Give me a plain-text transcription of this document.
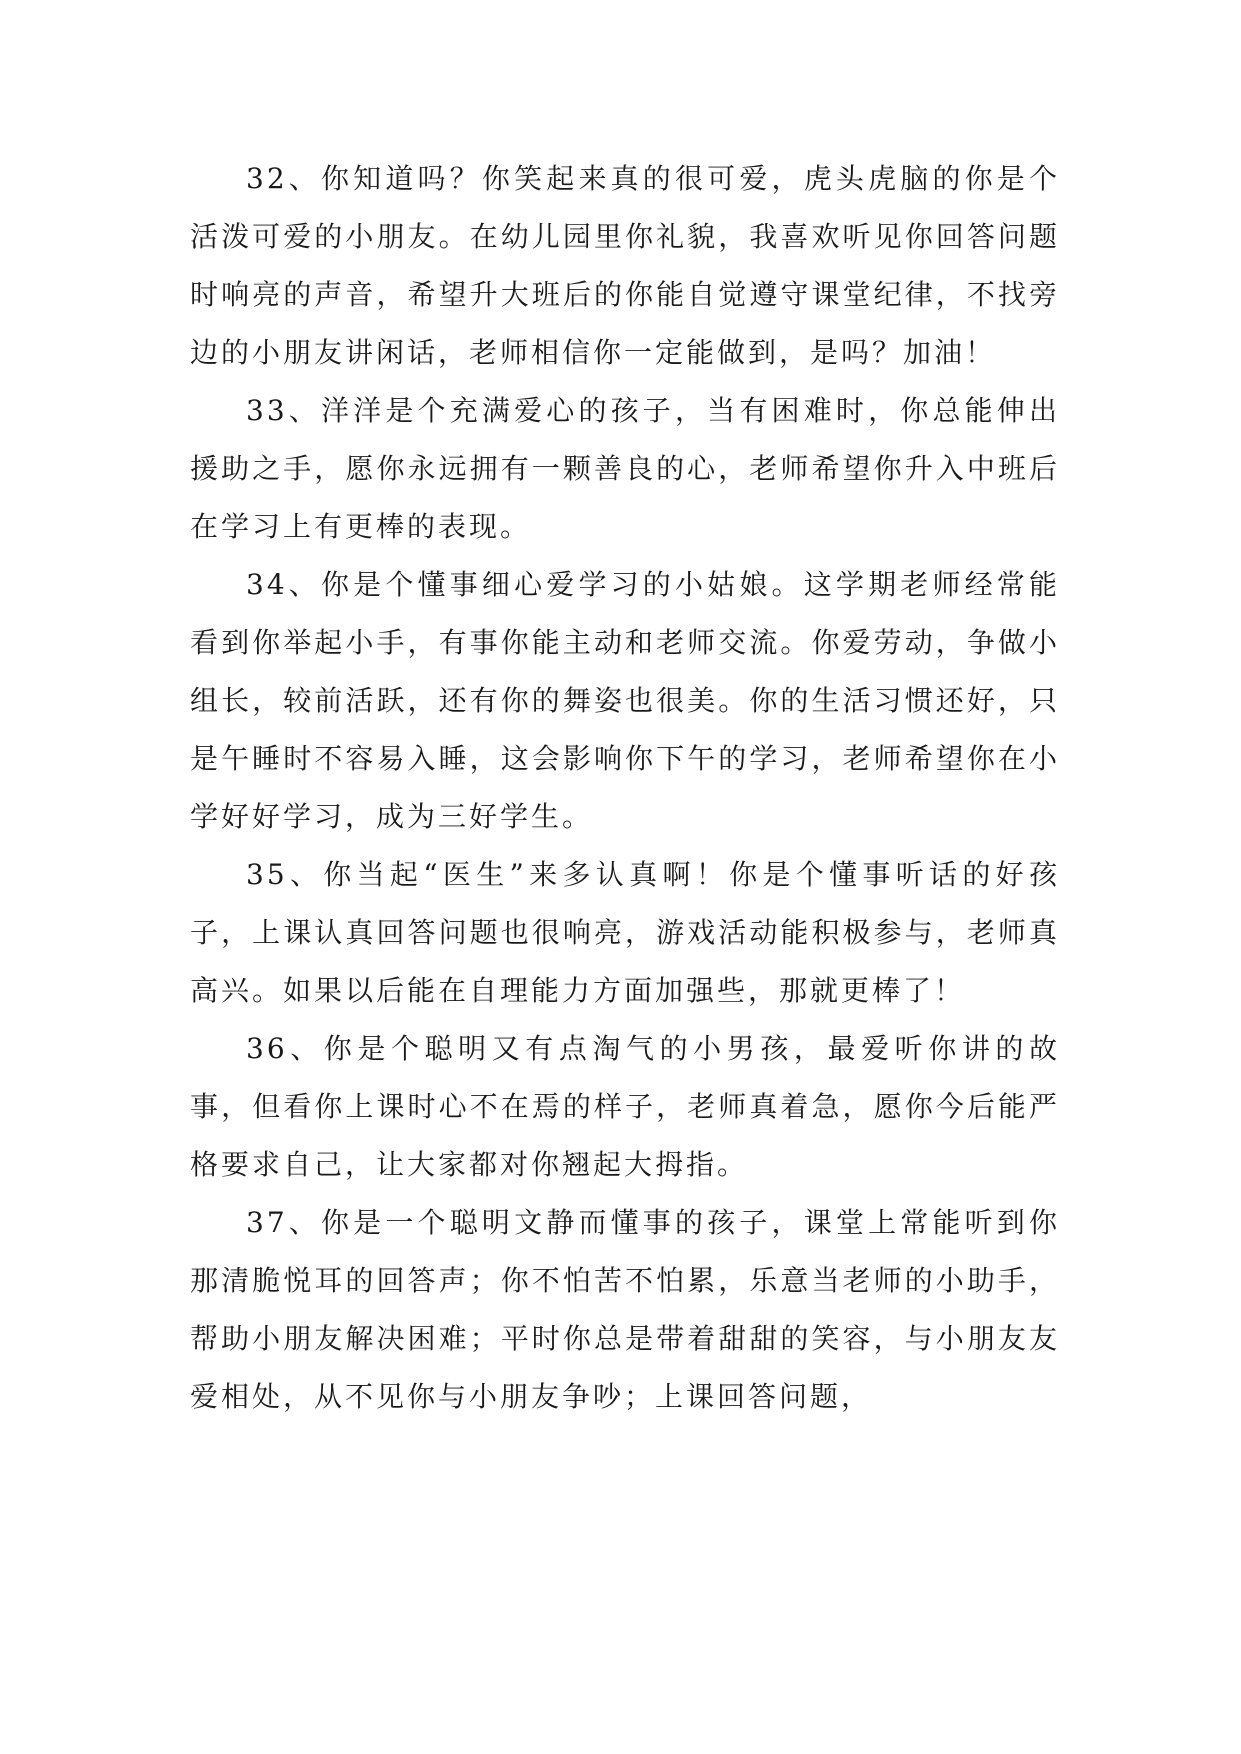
32、你知道吗？你笑起来真的很可爱，虎头虎脑的你是个活泼可爱的小朋友。在幼儿园里你礼貌，我喜欢听见你回答问题时响亮的声音，希望升大班后的你能自觉遵守课堂纪律，不找旁边的小朋友讲闲话，老师相信你一定能做到，是吗？加油！

33、洋洋是个充满爱心的孩子，当有困难时，你总能伸出援助之手，愿你永远拥有一颗善良的心，老师希望你升入中班后在学习上有更棒的表现。

34、你是个懂事细心爱学习的小姑娘。这学期老师经常能看到你举起小手，有事你能主动和老师交流。你爱劳动，争做小组长，较前活跃，还有你的舞姿也很美。你的生活习惯还好，只是午睡时不容易入睡，这会影响你下午的学习，老师希望你在小学好好学习，成为三好学生。

35、你当起“医生”来多认真啊！你是个懂事听话的好孩子，上课认真回答问题也很响亮，游戏活动能积极参与，老师真高兴。如果以后能在自理能力方面加强些，那就更棒了！

36、你是个聪明又有点淘气的小男孩，最爱听你讲的故事，但看你上课时心不在焉的样子，老师真着急，愿你今后能严格要求自己，让大家都对你翘起大拇指。

37、你是一个聪明文静而懂事的孩子，课堂上常能听到你那清脆悦耳的回答声；你不怕苦不怕累，乐意当老师的小助手，帮助小朋友解决困难；平时你总是带着甜甜的笑容，与小朋友友爱相处，从不见你与小朋友争吵；上课回答问题，
